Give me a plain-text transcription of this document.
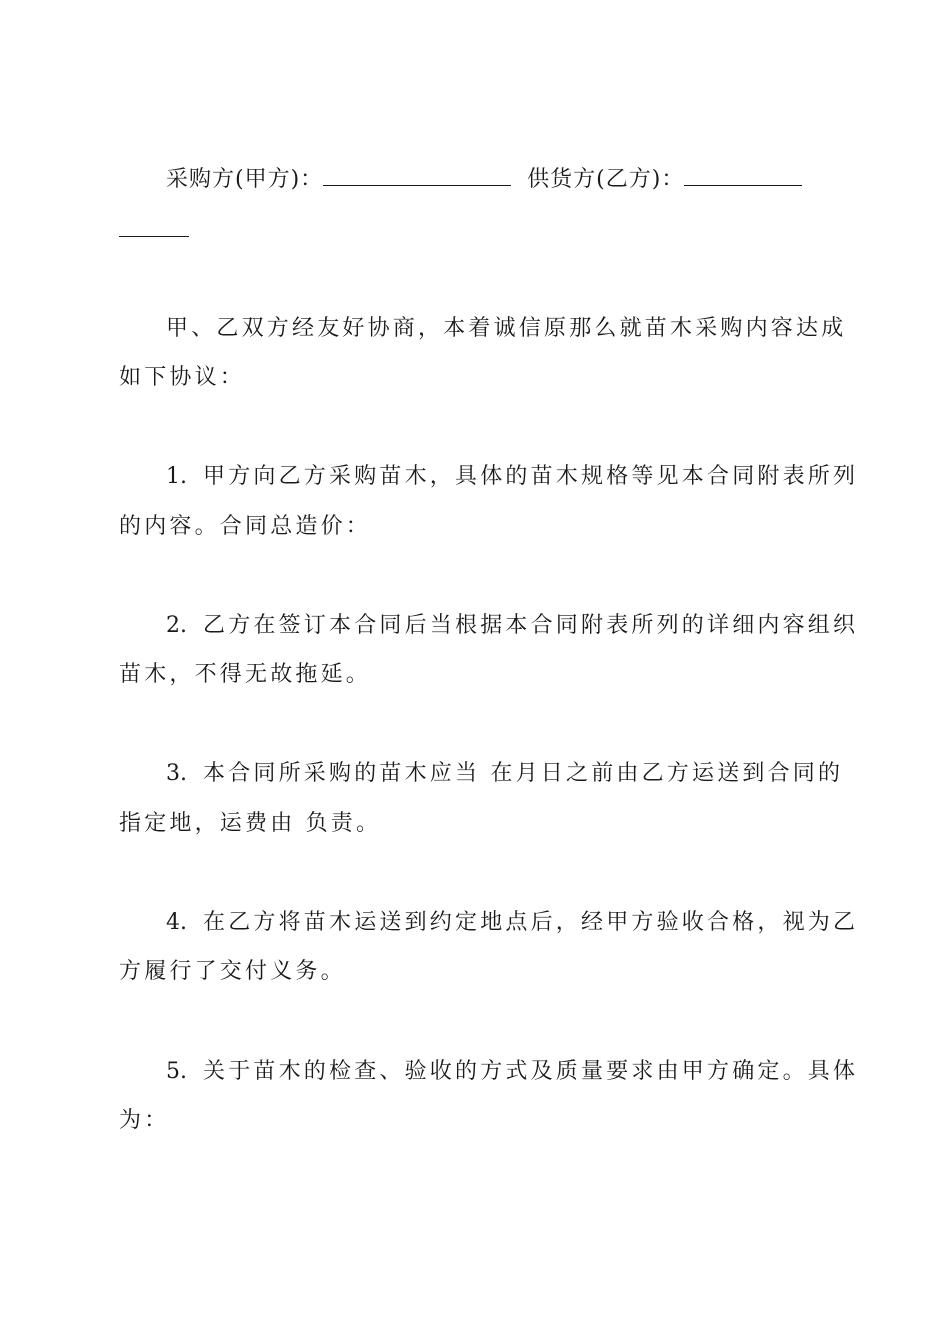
采购方(甲方)：	供货方(乙方)：
甲、乙双方经友好协商，本着诚信原那么就苗木采购内容达成
如下协议：
1. 甲方向乙方采购苗木，具体的苗木规格等见本合同附表所列
的内容。合同总造价：
2. 乙方在签订本合同后当根据本合同附表所列的详细内容组织
苗木，不得无故拖延。
3. 本合同所采购的苗木应当 在月日之前由乙方运送到合同的
指定地，运费由 负责。
4. 在乙方将苗木运送到约定地点后，经甲方验收合格，视为乙
方履行了交付义务。
5. 关于苗木的检查、验收的方式及质量要求由甲方确定。具体
为：
